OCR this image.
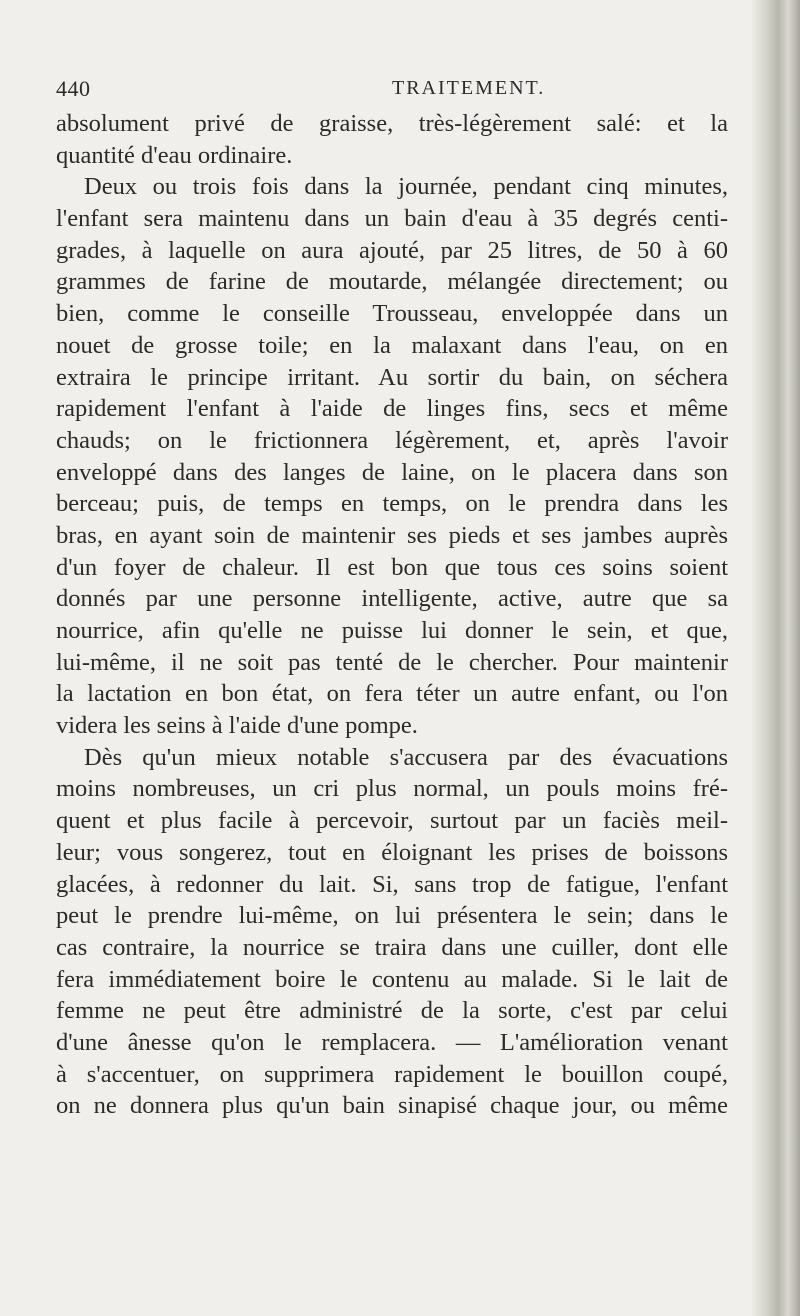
440	TRAITEMENT.
absolument privé de graisse, très-légèrement salé: et la
quantité d'eau ordinaire.
Deux ou trois fois dans la journée, pendant cinq minutes,
l'enfant sera maintenu dans un bain d'eau à 35 degrés centi-
grades, à laquelle on aura ajouté, par 25 litres, de 50 à 60
grammes de farine de moutarde, mélangée directement; ou
bien, comme le conseille Trousseau, enveloppée dans un
nouet de grosse toile; en la malaxant dans l'eau, on en
extraira le principe irritant. Au sortir du bain, on séchera
rapidement l'enfant à l'aide de linges fins, secs et même
chauds; on le frictionnera légèrement, et, après l'avoir
enveloppé dans des langes de laine, on le placera dans son
berceau; puis, de temps en temps, on le prendra dans les
bras, en ayant soin de maintenir ses pieds et ses jambes auprès
d'un foyer de chaleur. Il est bon que tous ces soins soient
donnés par une personne intelligente, active, autre que sa
nourrice, afin qu'elle ne puisse lui donner le sein, et que,
lui-même, il ne soit pas tenté de le chercher. Pour maintenir
la lactation en bon état, on fera téter un autre enfant, ou l'on
videra les seins à l'aide d'une pompe.
Dès qu'un mieux notable s'accusera par des évacuations
moins nombreuses, un cri plus normal, un pouls moins fré-
quent et plus facile à percevoir, surtout par un faciès meil-
leur; vous songerez, tout en éloignant les prises de boissons
glacées, à redonner du lait. Si, sans trop de fatigue, l'enfant
peut le prendre lui-même, on lui présentera le sein; dans le
cas contraire, la nourrice se traira dans une cuiller, dont elle
fera immédiatement boire le contenu au malade. Si le lait de
femme ne peut être administré de la sorte, c'est par celui
d'une ânesse qu'on le remplacera. — L'amélioration venant
à s'accentuer, on supprimera rapidement le bouillon coupé,
on ne donnera plus qu'un bain sinapisé chaque jour, ou même
